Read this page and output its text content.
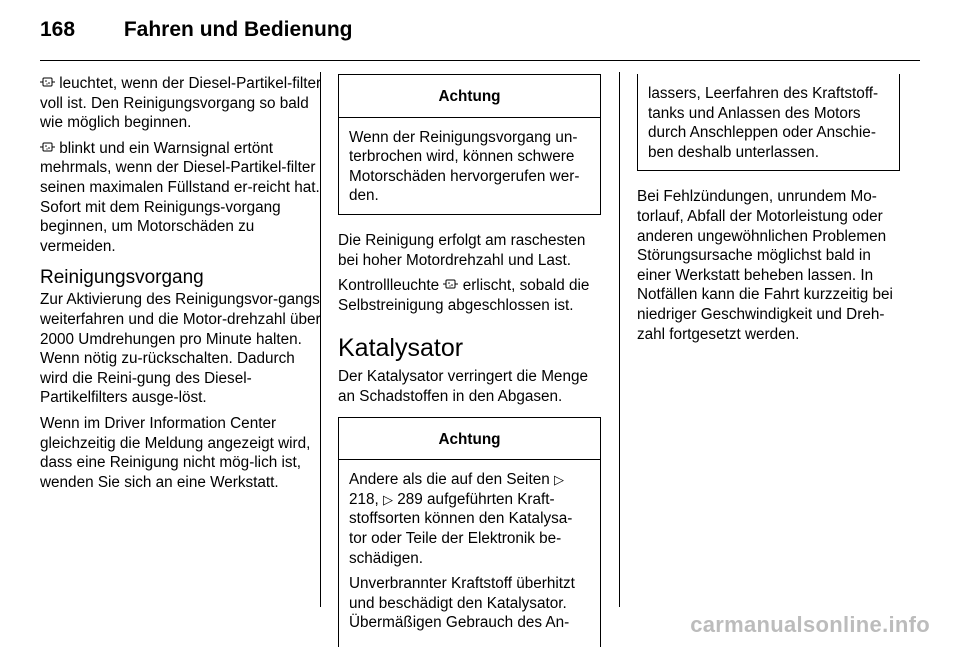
168 Fahren und Bedienung

leuchtet, wenn der Diesel-Partikel-filter voll ist. Den Reinigungsvorgang so bald wie möglich beginnen.

blinkt und ein Warnsignal ertönt mehrmals, wenn der Diesel-Partikel-filter seinen maximalen Füllstand er-reicht hat. Sofort mit dem Reinigungs-vorgang beginnen, um Motorschäden zu vermeiden.

Reinigungsvorgang

Zur Aktivierung des Reinigungsvor-gangs weiterfahren und die Motor-drehzahl über 2000 Umdrehungen pro Minute halten. Wenn nötig zu-rückschalten. Dadurch wird die Reini-gung des Diesel-Partikelfilters ausge-löst.

Wenn im Driver Information Center gleichzeitig die Meldung angezeigt wird, dass eine Reinigung nicht mög-lich ist, wenden Sie sich an eine Werkstatt.

Achtung
Wenn der Reinigungsvorgang un-terbrochen wird, können schwere Motorschäden hervorgerufen wer-den.

Die Reinigung erfolgt am raschesten bei hoher Motordrehzahl und Last.

Kontrollleuchte  erlischt, sobald die Selbstreinigung abgeschlossen ist.

Katalysator

Der Katalysator verringert die Menge an Schadstoffen in den Abgasen.

Achtung

Andere als die auf den Seiten ▷ 218, ▷ 289 aufgeführten Kraft-stoffsorten können den Katalysa-tor oder Teile der Elektronik be-schädigen.

Unverbrannter Kraftstoff überhitzt und beschädigt den Katalysator. Übermäßigen Gebrauch des An-

lassers, Leerfahren des Kraftstoff-tanks und Anlassen des Motors durch Anschleppen oder Anschie-ben deshalb unterlassen.

Bei Fehlzündungen, unrundem Mo-torlauf, Abfall der Motorleistung oder anderen ungewöhnlichen Problemen Störungsursache möglichst bald in einer Werkstatt beheben lassen. In Notfällen kann die Fahrt kurzzeitig bei niedriger Geschwindigkeit und Dreh-zahl fortgesetzt werden.

carmanualsonline.info
